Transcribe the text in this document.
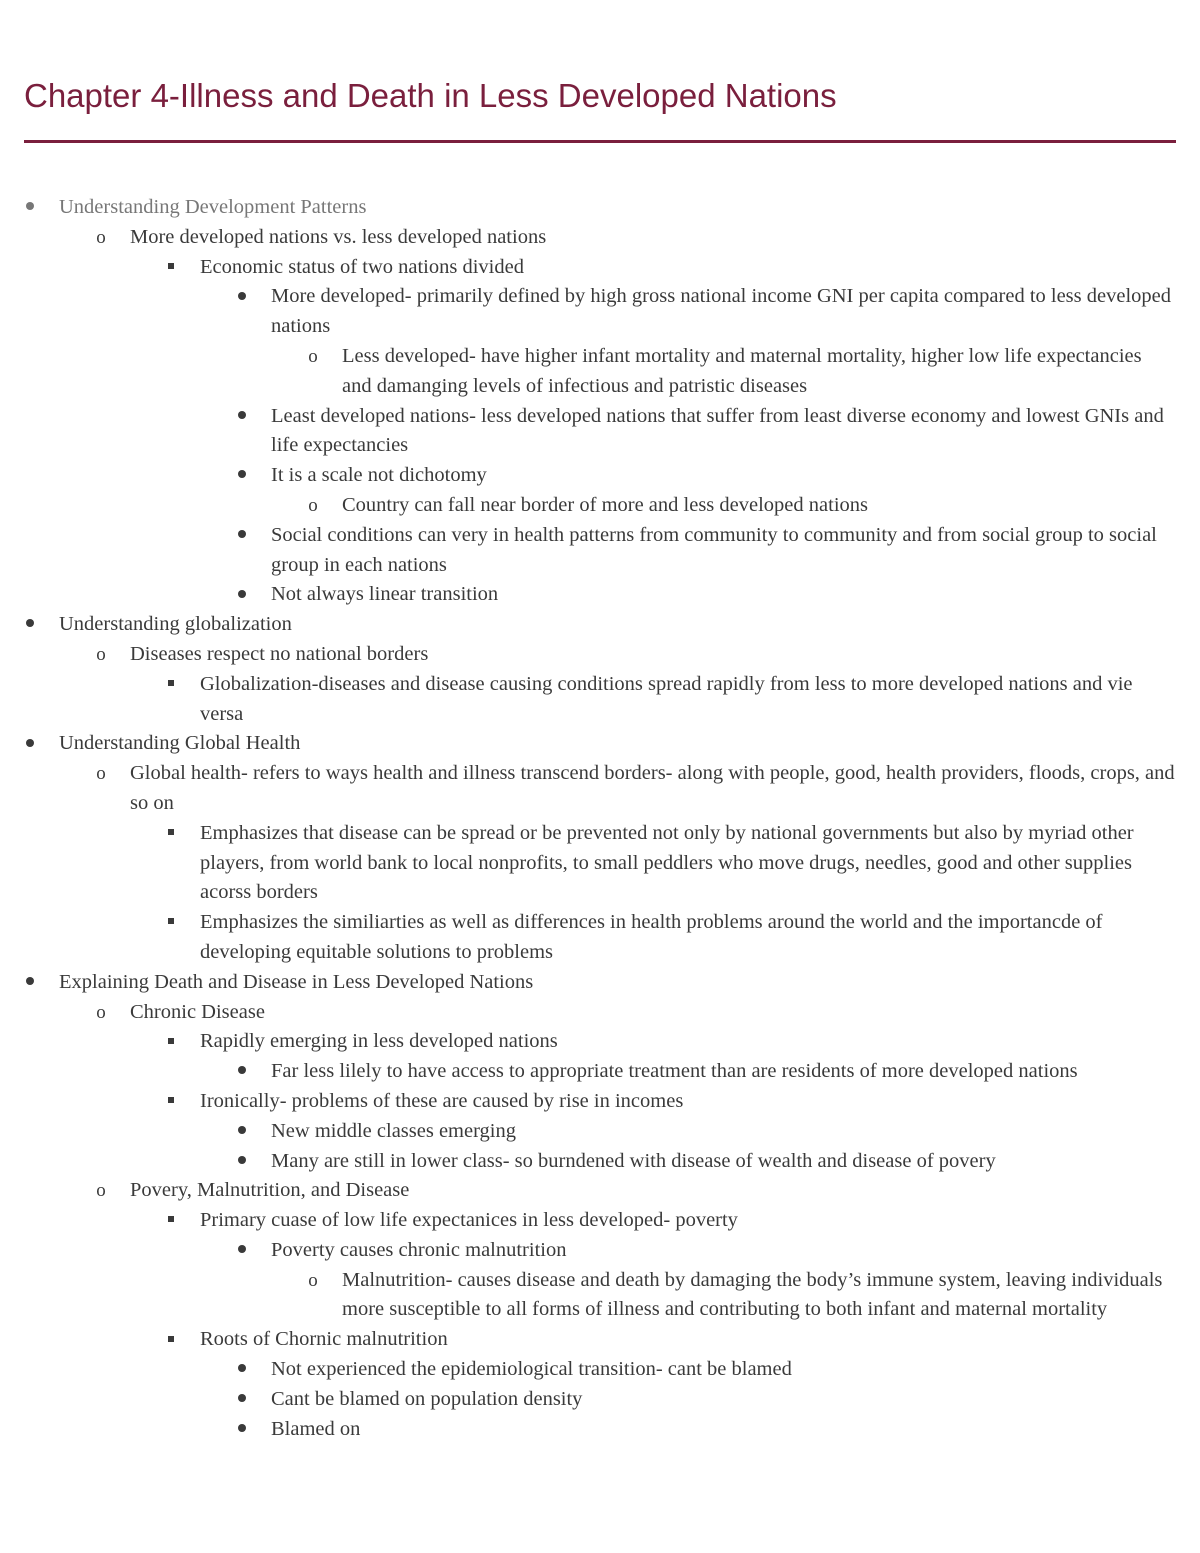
Chapter 4-Illness and Death in Less Developed Nations
Understanding Development Patterns
o More developed nations vs. less developed nations
Economic status of two nations divided
More developed- primarily defined by high gross national income GNI per capita compared to less developed nations
o Less developed- have higher infant mortality and maternal mortality, higher low life expectancies and damanging levels of infectious and patristic diseases
Least developed nations- less developed nations that suffer from least diverse economy and lowest GNIs and life expectancies
It is a scale not dichotomy
o Country can fall near border of more and less developed nations
Social conditions can very in health patterns from community to community and from social group to social group in each nations
Not always linear transition
Understanding globalization
o Diseases respect no national borders
Globalization-diseases and disease causing conditions spread rapidly from less to more developed nations and vie versa
Understanding Global Health
o Global health- refers to ways health and illness transcend borders- along with people, good, health providers, floods, crops, and so on
Emphasizes that disease can be spread or be prevented not only by national governments but also by myriad other players, from world bank to local nonprofits, to small peddlers who move drugs, needles, good and other supplies acorss borders
Emphasizes the similiarties as well as differences in health problems around the world and the importancde of developing equitable solutions to problems
Explaining Death and Disease in Less Developed Nations
o Chronic Disease
Rapidly emerging in less developed nations
Far less lilely to have access to appropriate treatment than are residents of more developed nations
Ironically- problems of these are caused by rise in incomes
New middle classes emerging
Many are still in lower class- so burndened with disease of wealth and disease of povery
o Povery, Malnutrition, and Disease
Primary cuase of low life expectanices in less developed- poverty
Poverty causes chronic malnutrition
o Malnutrition- causes disease and death by damaging the body’s immune system, leaving individuals more susceptible to all forms of illness and contributing to both infant and maternal mortality
Roots of Chornic malnutrition
Not experienced the epidemiological transition- cant be blamed
Cant be blamed on population density
Blamed on
